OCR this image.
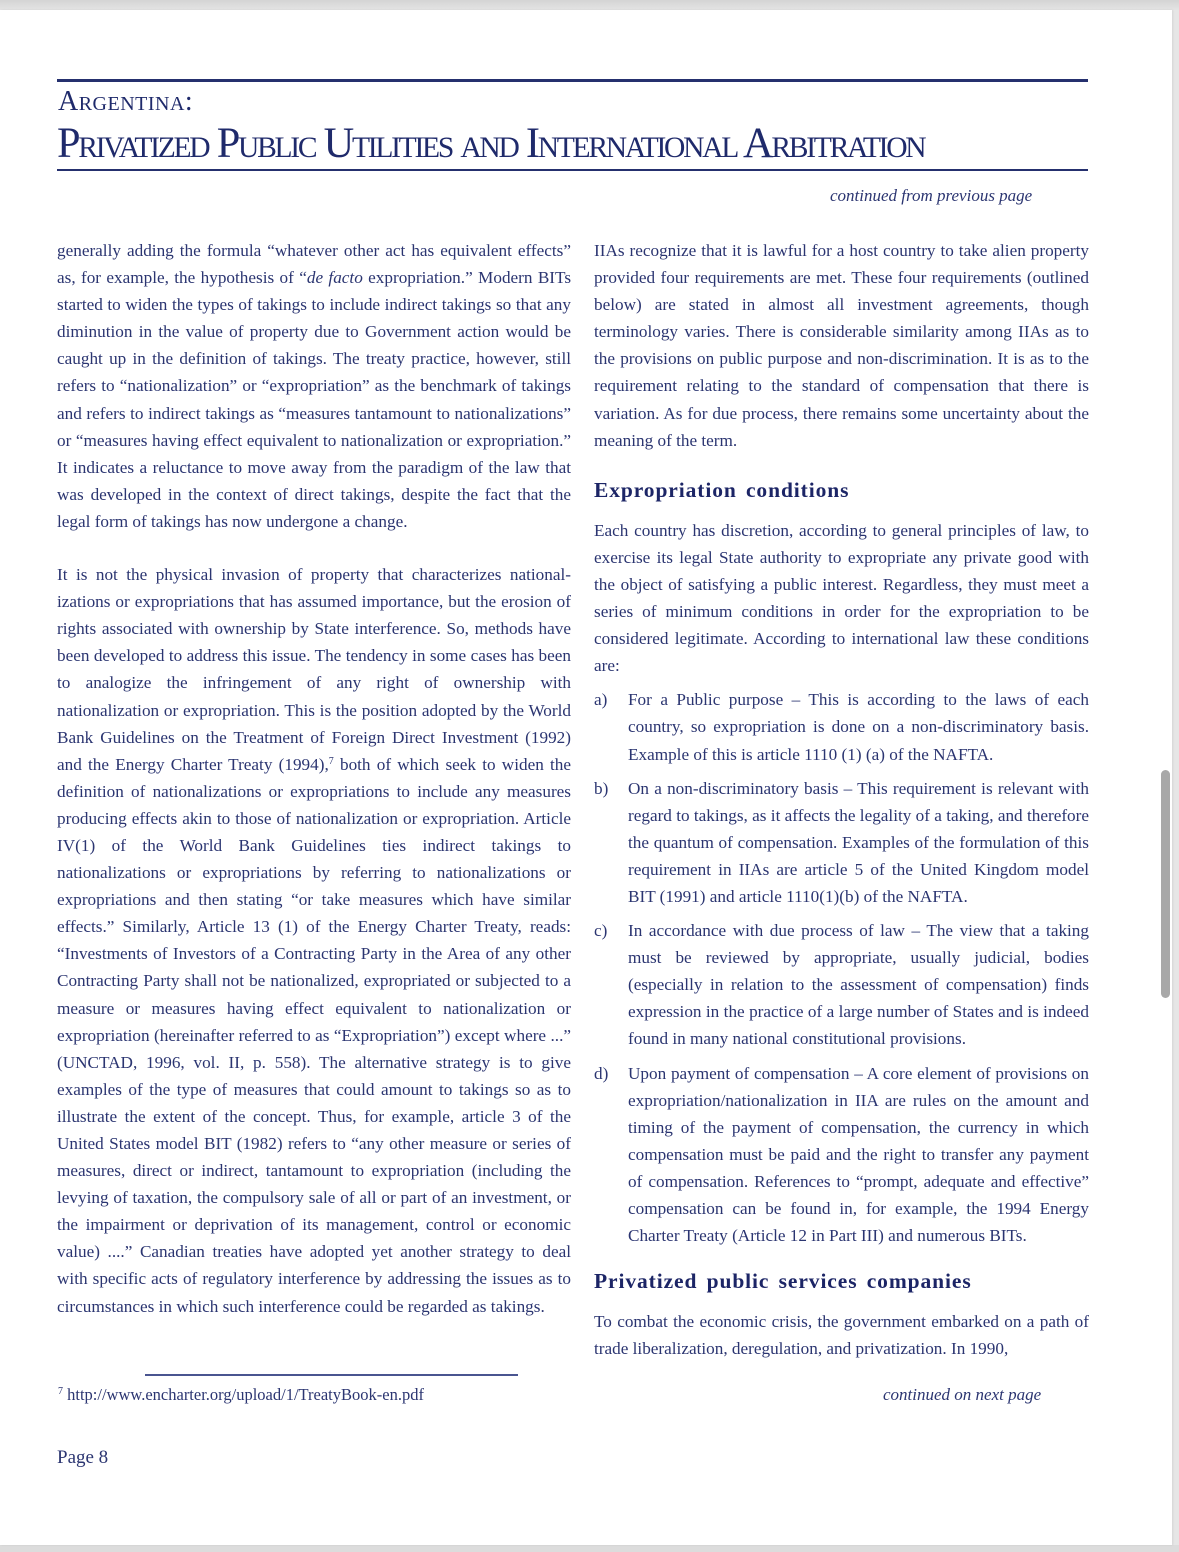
Argentina:
Privatized Public Utilities and International Arbitration
continued from previous page

generally adding the formula “whatever other act has equivalent effects” as, for example, the hypothesis of “de facto expropriation.” Modern BITs started to widen the types of takings to include indirect takings so that any diminution in the value of property due to Government action would be caught up in the definition of takings. The treaty practice, however, still refers to “nationalization” or “expropriation” as the benchmark of takings and refers to indirect takings as “measures tantamount to nationalizations” or “measures having effect equivalent to nationalization or expropriation.” It indicates a reluctance to move away from the paradigm of the law that was developed in the context of direct takings, despite the fact that the legal form of takings has now undergone a change.

It is not the physical invasion of property that characterizes national-izations or expropriations that has assumed importance, but the erosion of rights associated with ownership by State interference. So, methods have been developed to address this issue. The tendency in some cases has been to analogize the infringement of any right of ownership with nationalization or expropriation. This is the position adopted by the World Bank Guidelines on the Treatment of Foreign Direct Investment (1992) and the Energy Charter Treaty (1994),$^7$ both of which seek to widen the definition of nationalizations or expropriations to include any measures producing effects akin to those of nationalization or expropriation. Article IV(1) of the World Bank Guidelines ties indirect takings to nationalizations or expropriations by referring to nationalizations or expropriations and then stating “or take measures which have similar effects.” Similarly, Article 13 (1) of the Energy Charter Treaty, reads: “Investments of Investors of a Contracting Party in the Area of any other Contracting Party shall not be nationalized, expropriated or subjected to a measure or measures having effect equivalent to nationalization or expropriation (hereinafter referred to as “Expropriation”) except where ...” (UNCTAD, 1996, vol. II, p. 558). The alternative strategy is to give examples of the type of measures that could amount to takings so as to illustrate the extent of the concept. Thus, for example, article 3 of the United States model BIT (1982) refers to “any other measure or series of measures, direct or indirect, tantamount to expropriation (including the levying of taxation, the compulsory sale of all or part of an investment, or the impairment or deprivation of its management, control or economic value) ....” Canadian treaties have adopted yet another strategy to deal with specific acts of regulatory interference by addressing the issues as to circumstances in which such interference could be regarded as takings.

$^7$ http://www.encharter.org/upload/1/TreatyBook-en.pdf

IIAs recognize that it is lawful for a host country to take alien property provided four requirements are met. These four requirements (outlined below) are stated in almost all investment agreements, though terminology varies. There is considerable similarity among IIAs as to the provisions on public purpose and non-discrimination. It is as to the requirement relating to the standard of compensation that there is variation. As for due process, there remains some uncertainty about the meaning of the term.

Expropriation conditions

Each country has discretion, according to general principles of law, to exercise its legal State authority to expropriate any private good with the object of satisfying a public interest. Regardless, they must meet a series of minimum conditions in order for the expropriation to be considered legitimate. According to international law these conditions are:

a)	For a Public purpose – This is according to the laws of each country, so expropriation is done on a non-discriminatory basis. Example of this is article 1110 (1) (a) of the NAFTA.
b)	On a non-discriminatory basis – This requirement is relevant with regard to takings, as it affects the legality of a taking, and therefore the quantum of compensation. Examples of the formulation of this requirement in IIAs are article 5 of the United Kingdom model BIT (1991) and article 1110(1)(b) of the NAFTA.
c)	In accordance with due process of law – The view that a taking must be reviewed by appropriate, usually judicial, bodies (especially in relation to the assessment of compensation) finds expression in the practice of a large number of States and is indeed found in many national constitutional provisions.
d)	Upon payment of compensation – A core element of provisions on expropriation/nationalization in IIA are rules on the amount and timing of the payment of compensation, the currency in which compensation must be paid and the right to transfer any payment of compensation. References to “prompt, adequate and effective” compensation can be found in, for example, the 1994 Energy Charter Treaty (Article 12 in Part III) and numerous BITs.
Privatized public services companies

To combat the economic crisis, the government embarked on a path of trade liberalization, deregulation, and privatization. In 1990,

continued on next page
Page 8
